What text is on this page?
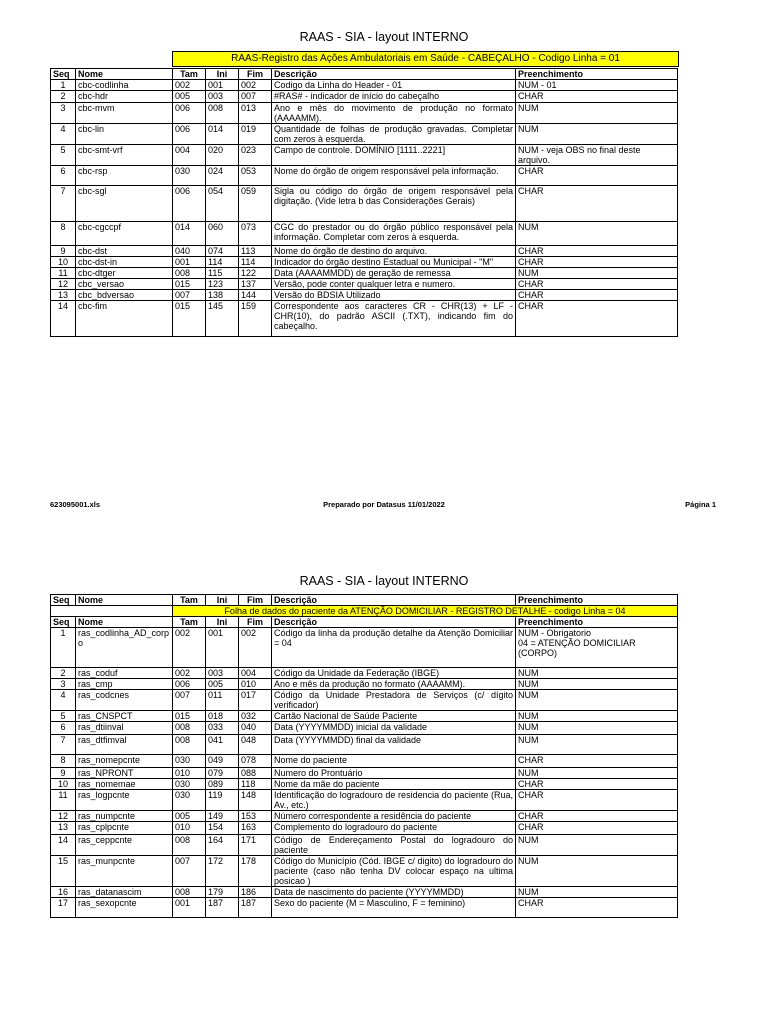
RAAS - SIA - layout INTERNO
RAAS-Registro das Ações Ambulatoriais em Saúde - CABEÇALHO - Codigo Linha = 01
Seq	Nome	Tam	Ini	Fim	Descrição	Preenchimento
1	cbc-codlinha	002	001	002	Codigo da Linha do Header - 01	NUM - 01
2	cbc-hdr	005	003	007	#RAS# - indicador de início do cabeçalho	CHAR
3	cbc-mvm	006	008	013	Ano e mês do movimento de produção no formato (AAAAMM).	NUM
4	cbc-lin	006	014	019	Quantidade de folhas de produção gravadas. Completar com zeros à esquerda.	NUM
5	cbc-smt-vrf	004	020	023	Campo de controle. DOMÍNIO [1111..2221]	NUM - veja OBS no final deste arquivo.
6	cbc-rsp	030	024	053	Nome do órgão de origem responsável pela informação.	CHAR
7	cbc-sgl	006	054	059	Sigla ou código do órgão de origem responsável pela digitação. (Vide letra b das Considerações Gerais)	CHAR
8	cbc-cgccpf	014	060	073	CGC do prestador ou do órgão público responsável pela informação. Completar com zeros à esquerda.	NUM
9	cbc-dst	040	074	113	Nome do órgão de destino do arquivo.	CHAR
10	cbc-dst-in	001	114	114	Indicador do órgão destino Estadual ou Municipal - "M"	CHAR
11	cbc-dtger	008	115	122	Data (AAAAMMDD) de geração de remessa	NUM
12	cbc_versao	015	123	137	Versão, pode conter qualquer letra e numero.	CHAR
13	cbc_bdversao	007	138	144	Versão do BDSIA Utilizado	CHAR
14	cbc-fim	015	145	159	Correspondente aos caracteres CR - CHR(13) + LF - CHR(10), do padrão ASCII (.TXT), indicando fim do cabeçalho.	CHAR
623095001.xls	Preparado por Datasus 11/01/2022	Página 1
RAAS - SIA - layout INTERNO
Seq	Nome	Tam	Ini	Fim	Descrição	Preenchimento
		Folha de dados do paciente da ATENÇÃO DOMICILIAR - REGISTRO DETALHE - codigo Linha = 04				
Seq	Nome	Tam	Ini	Fim	Descrição	Preenchimento
1	ras_codlinha_AD_corpo	002	001	002	Código da linha da produção detalhe da Atenção Domiciliar = 04	NUM - Obrigatorio
04 = ATENÇÃO DOMICILIAR (CORPO)
2	ras_coduf	002	003	004	Código da Unidade da Federação (IBGE)	NUM
3	ras_cmp	006	005	010	Ano e mês da produção no formato (AAAAMM).	NUM
4	ras_codcnes	007	011	017	Código da Unidade Prestadora de Serviços (c/ dígito verificador)	NUM
5	ras_CNSPCT	015	018	032	Cartão Nacional de Saúde Paciente	NUM
6	ras_dtiinval	008	033	040	Data (YYYYMMDD) inicial da validade	NUM
7	ras_dtfimval	008	041	048	Data (YYYYMMDD) final da validade	NUM
8	ras_nomepcnte	030	049	078	Nome do paciente	CHAR
9	ras_NPRONT	010	079	088	Numero do Prontuário	NUM
10	ras_nomemae	030	089	118	Nome da mãe do paciente	CHAR
11	ras_logpcnte	030	119	148	Identificação do logradouro de residencia do paciente (Rua, Av., etc.)	CHAR
12	ras_numpcnte	005	149	153	Número correspondente a residência do paciente	CHAR
13	ras_cplpcnte	010	154	163	Complemento do logradouro do paciente	CHAR
14	ras_ceppcnte	008	164	171	Código de Endereçamento Postal do logradouro do paciente	NUM
15	ras_munpcnte	007	172	178	Código do Município (Cód. IBGE c/ digito) do logradouro do paciente (caso não tenha DV colocar espaço na ultima posicao )	NUM
16	ras_datanascim	008	179	186	Data de nascimento do paciente (YYYYMMDD)	NUM
17	ras_sexopcnte	001	187	187	Sexo do paciente (M = Masculino, F = feminino)	CHAR
